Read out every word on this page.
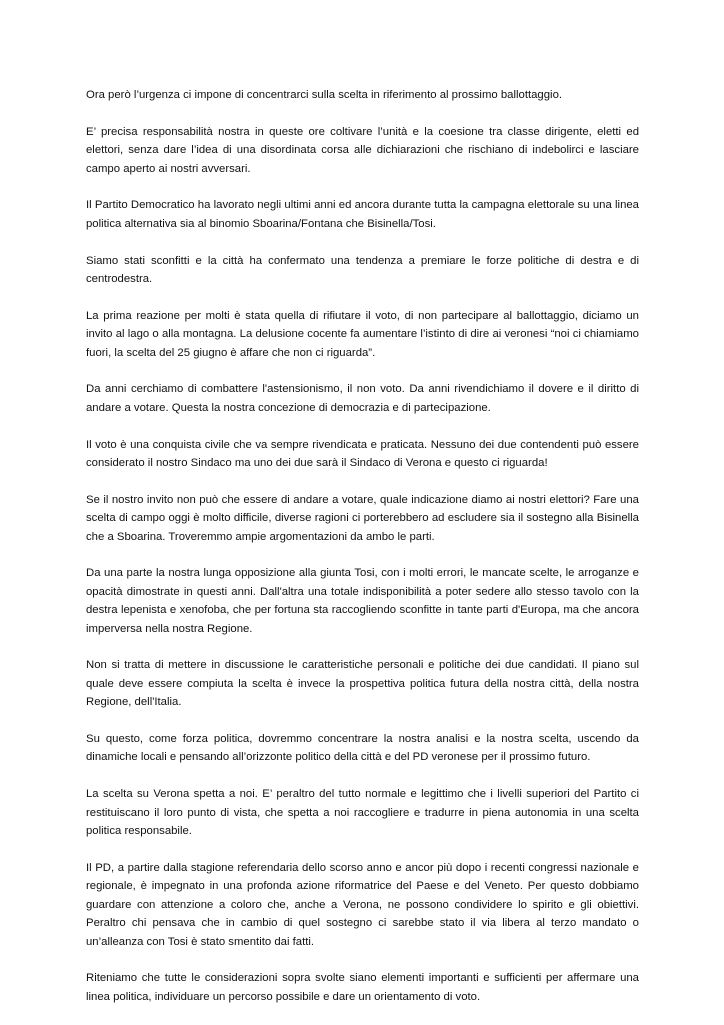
Ora però l’urgenza ci impone di concentrarci sulla scelta in riferimento al prossimo ballottaggio.

E’ precisa responsabilità nostra in queste ore coltivare l’unità e la coesione tra classe dirigente, eletti ed elettori, senza dare l’idea di una disordinata corsa alle dichiarazioni che rischiano di indebolirci e lasciare campo aperto ai nostri avversari.

Il Partito Democratico ha lavorato negli ultimi anni ed ancora durante tutta la campagna elettorale su una linea politica alternativa sia al binomio Sboarina/Fontana che Bisinella/Tosi.

Siamo stati sconfitti e la città ha confermato una tendenza a premiare le forze politiche di destra e di centrodestra.

La prima reazione per molti è stata quella di rifiutare il voto, di non partecipare al ballottaggio, diciamo un invito al lago o alla montagna. La delusione cocente fa aumentare l’istinto di dire ai veronesi “noi ci chiamiamo fuori, la scelta del 25 giugno è affare che non ci riguarda”.

Da anni cerchiamo di combattere l'astensionismo, il non voto. Da anni rivendichiamo il dovere e il diritto di andare a votare. Questa la nostra concezione di democrazia e di partecipazione.

Il voto è una conquista civile che va sempre rivendicata e praticata. Nessuno dei due contendenti può essere considerato il nostro Sindaco ma uno dei due sarà il Sindaco di Verona e questo ci riguarda!

Se il nostro invito non può che essere di andare a votare, quale indicazione diamo ai nostri elettori? Fare una scelta di campo oggi è molto difficile, diverse ragioni ci porterebbero ad escludere sia il sostegno alla Bisinella che a Sboarina. Troveremmo ampie argomentazioni da ambo le parti.

Da una parte la nostra lunga opposizione alla giunta Tosi, con i molti errori, le mancate scelte, le arroganze e opacità dimostrate in questi anni. Dall'altra una totale indisponibilità a poter sedere allo stesso tavolo con la destra lepenista e xenofoba, che per fortuna sta raccogliendo sconfitte in tante parti d'Europa, ma che ancora imperversa nella nostra Regione.

Non si tratta di mettere in discussione le caratteristiche personali e politiche dei due candidati. Il piano sul quale deve essere compiuta la scelta è invece la prospettiva politica futura della nostra città, della nostra Regione, dell'Italia.

Su questo, come forza politica, dovremmo concentrare la nostra analisi e la nostra scelta, uscendo da dinamiche locali e pensando all’orizzonte politico della città e del PD veronese per il prossimo futuro.

La scelta su Verona spetta a noi. E’ peraltro del tutto normale e legittimo che i livelli superiori del Partito ci restituiscano il loro punto di vista, che spetta a noi raccogliere e tradurre in piena autonomia in una scelta politica responsabile.

Il PD, a partire dalla stagione referendaria dello scorso anno e ancor più dopo i recenti congressi nazionale e regionale, è impegnato in una profonda azione riformatrice del Paese e del Veneto. Per questo dobbiamo guardare con attenzione a coloro che, anche a Verona, ne possono condividere lo spirito e gli obiettivi. Peraltro chi pensava che in cambio di quel sostegno ci sarebbe stato il via libera al terzo mandato o un’alleanza con Tosi è stato smentito dai fatti.

Riteniamo che tutte le considerazioni sopra svolte siano elementi importanti e sufficienti per affermare una linea politica, individuare un percorso possibile e dare un orientamento di voto.
